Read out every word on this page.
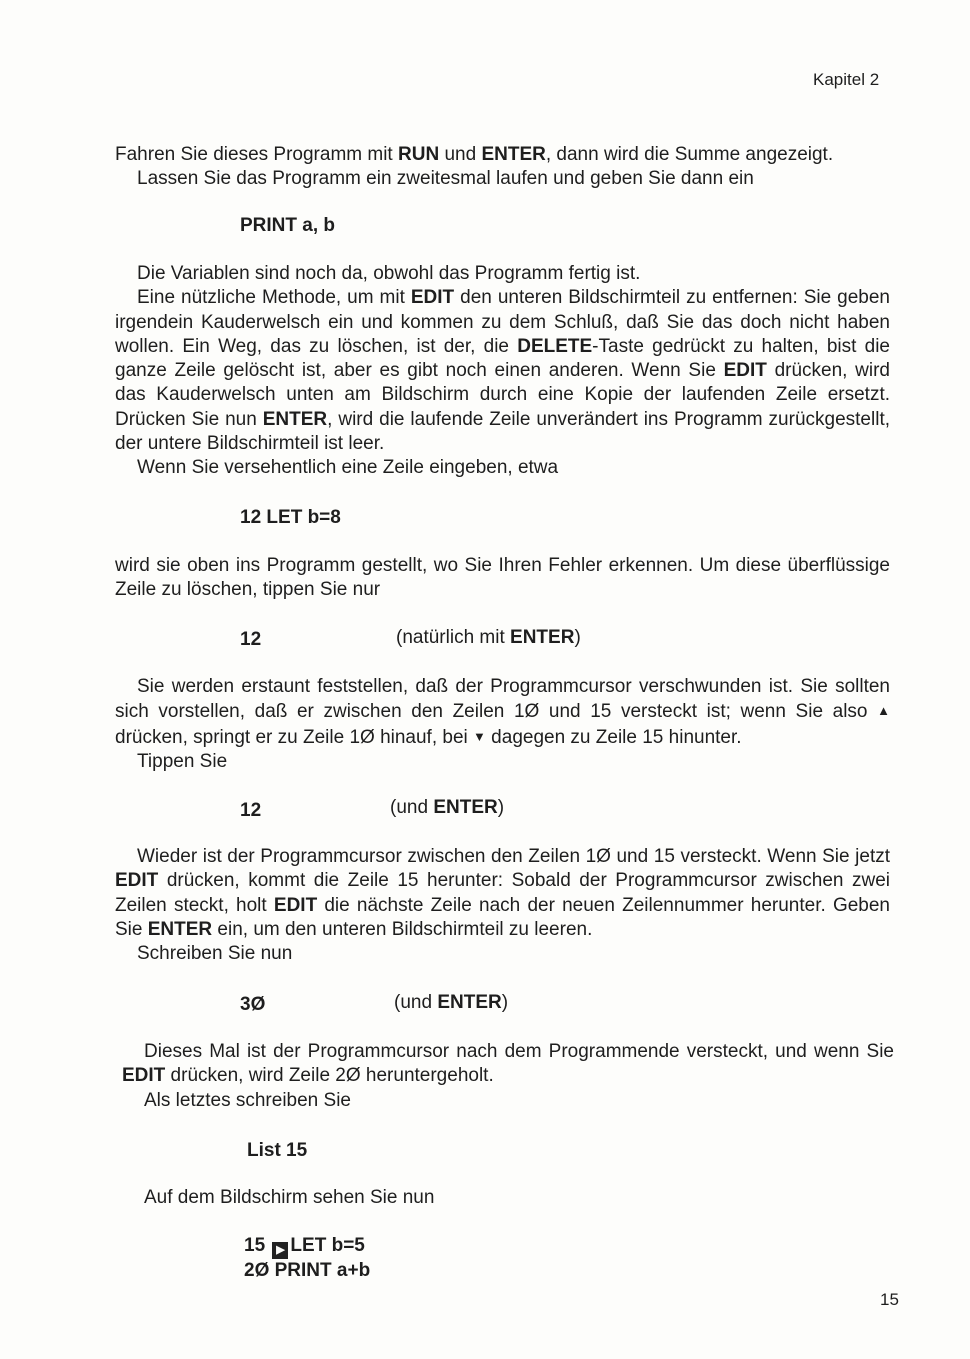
Kapitel 2

Fahren Sie dieses Programm mit RUN und ENTER, dann wird die Summe angezeigt.
Lassen Sie das Programm ein zweitesmal laufen und geben Sie dann ein

PRINT a, b

Die Variablen sind noch da, obwohl das Programm fertig ist.
Eine nützliche Methode, um mit EDIT den unteren Bildschirmteil zu entfernen: Sie geben irgendein Kauderwelsch ein und kommen zu dem Schluß, daß Sie das doch nicht haben wollen. Ein Weg, das zu löschen, ist der, die DELETE-Taste gedrückt zu halten, bist die ganze Zeile gelöscht ist, aber es gibt noch einen anderen. Wenn Sie EDIT drücken, wird das Kauderwelsch unten am Bildschirm durch eine Kopie der laufenden Zeile ersetzt. Drücken Sie nun ENTER, wird die laufende Zeile unverändert ins Programm zurückgestellt, der untere Bildschirmteil ist leer.
Wenn Sie versehentlich eine Zeile eingeben, etwa

12 LET b=8

wird sie oben ins Programm gestellt, wo Sie Ihren Fehler erkennen. Um diese überflüssige Zeile zu löschen, tippen Sie nur

12	(natürlich mit ENTER)

Sie werden erstaunt feststellen, daß der Programmcursor verschwunden ist. Sie sollten sich vorstellen, daß er zwischen den Zeilen 1Ø und 15 versteckt ist; wenn Sie also ▲ drücken, springt er zu Zeile 1Ø hinauf, bei ▼ dagegen zu Zeile 15 hinunter.
Tippen Sie

12	(und ENTER)

Wieder ist der Programmcursor zwischen den Zeilen 1Ø und 15 versteckt. Wenn Sie jetzt EDIT drücken, kommt die Zeile 15 herunter: Sobald der Programmcursor zwischen zwei Zeilen steckt, holt EDIT die nächste Zeile nach der neuen Zeilennummer herunter. Geben Sie ENTER ein, um den unteren Bildschirmteil zu leeren.
Schreiben Sie nun

3Ø	(und ENTER)

Dieses Mal ist der Programmcursor nach dem Programmende versteckt, und wenn Sie EDIT drücken, wird Zeile 2Ø heruntergeholt.
Als letztes schreiben Sie

List 15

Auf dem Bildschirm sehen Sie nun

15 ▶ LET b=5
2Ø PRINT a+b
15
